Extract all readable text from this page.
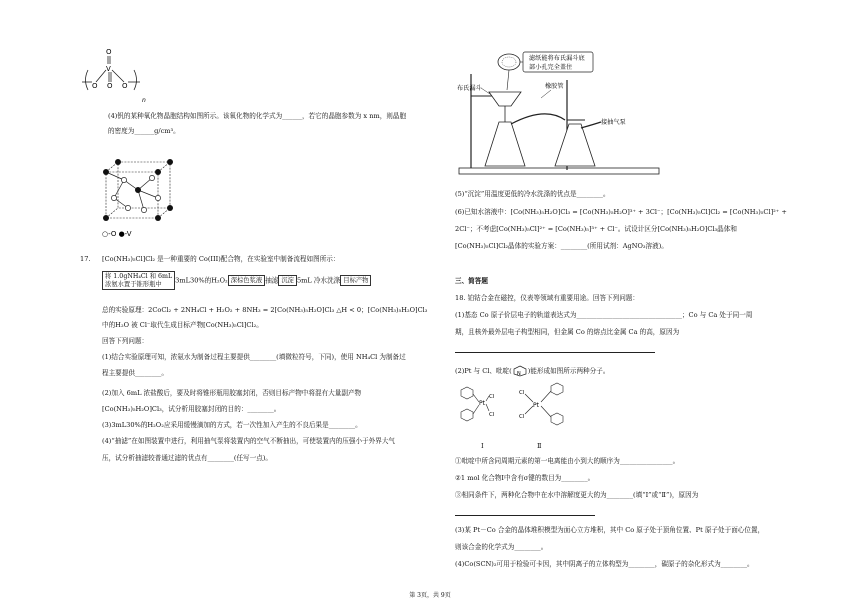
O
V
O O O
n
(4)钒的某种氧化物晶胞结构如图所示。该氧化物的化学式为______，若它的晶胞参数为 x nm，则晶胞
的密度为______g/cm³。
○-O ●-V
17. [Co(NH₃)₅Cl]Cl₂ 是一种重要的 Co(III)配合物，在实验室中制备流程如图所示：
将 1.0gNH₄Cl 和 6mL
浓氨水置于锥形瓶中 3mL30%的H₂O₂ 深棕色浆液 抽滤 沉淀 5mL 冷水洗涤 目标产物
总的实验原理：2CoCl₂ + 2NH₄Cl + H₂O₂ + 8NH₃ = 2[Co(NH₃)₅H₂O]Cl₃ △H < 0；[Co(NH₃)₅H₂O]Cl₃
中的H₂O 被 Cl⁻取代生成目标产物[Co(NH₃)₅Cl]Cl₂。
回答下列问题：
(1)结合实验原理可知，浓氨水为制备过程主要提供________(填微粒符号，下同)，使用 NH₄Cl 为制备过
程主要提供________。
(2)加入 6mL 浓盐酸后，要及时将锥形瓶用胶塞封闭，否则目标产物中将混有大量副产物
[Co(NH₃)₅H₂O]Cl₃，试分析用胶塞封闭的目的：________。
(3)3mL30%的H₂O₂应采用缓慢滴加的方式，若一次性加入产生的不良后果是________。
(4)“抽滤”在如图装置中进行，利用抽气泵将装置内的空气不断抽出，可使装置内的压强小于外界大气
压，试分析抽滤较普通过滤的优点有________(任写一点)。
滤纸能将布氏漏斗底
部小孔完全盖住
布氏漏斗	橡胶管
接抽气泵
(5)“沉淀”用温度更低的冷水洗涤的优点是________。
(6)已知水溶液中：[Co(NH₃)₅H₂O]Cl₃ = [Co(NH₃)₅H₂O]³⁺ + 3Cl⁻；[Co(NH₃)₅Cl]Cl₂ = [Co(NH₃)₅Cl]²⁺ +
2Cl⁻；不考虑[Co(NH₃)₅Cl]²⁺ = [Co(NH₃)₅]³⁺ + Cl⁻。试设计区分[Co(NH₃)₅H₂O]Cl₃晶体和
[Co(NH₃)₅Cl]Cl₂晶体的实验方案：________(所用试剂：AgNO₃溶液)。
三、简答题
18. 铂钴合金在磁控，仪表等领域有重要用途。回答下列问题：
(1)基态 Co 原子价层电子的轨道表达式为________________________________；Co 与 Ca 处于同一周
期，且核外最外层电子构型相同，但金属 Co 的熔点比金属 Ca 的高，原因为
(2)Pt 与 Cl、吡啶( N )能形成如图所示两种分子。
Pt
Cl
Cl
Cl
Cl
Pt
Ⅰ	Ⅱ
①吡啶中所含同周期元素的第一电离能由小到大的顺序为________________。
②1 mol 化合物Ⅰ中含有σ键的数目为________。
③相同条件下，两种化合物中在水中溶解度更大的为________(填“Ⅰ”或“Ⅱ”)，原因为
(3)某 Pt－Co 合金的晶体堆积模型为面心立方堆积，其中 Co 原子处于顶角位置、Pt 原子处于面心位置，
则该合金的化学式为________。
(4)Co(SCN)₂可用于检验可卡因，其中阴离子的立体构型为________，碳原子的杂化形式为________。
第 3页，共 9页
